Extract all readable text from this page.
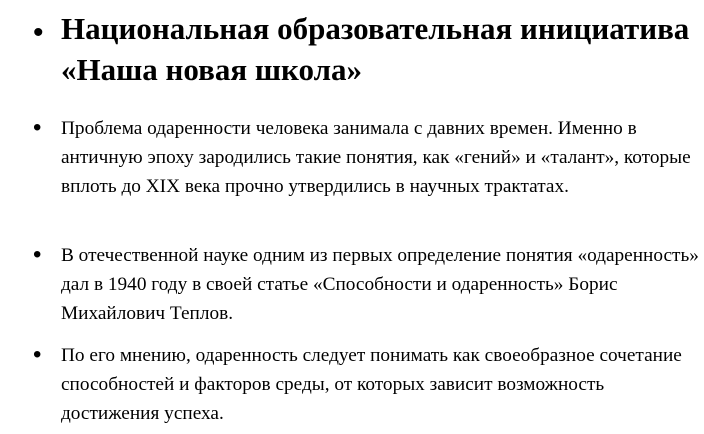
• Национальная образовательная инициатива «Наша новая школа»
• Проблема одаренности человека занимала с давних времен. Именно в античную эпоху зародились такие понятия, как «гений» и «талант», которые вплоть до XIX века прочно утвердились в научных трактатах.
• В отечественной науке одним из первых определение понятия «одаренность» дал в 1940 году в своей статье «Способности и одаренность» Борис Михайлович Теплов.
• По его мнению, одаренность следует понимать как своеобразное сочетание способностей и факторов среды, от которых зависит возможность достижения успеха.
